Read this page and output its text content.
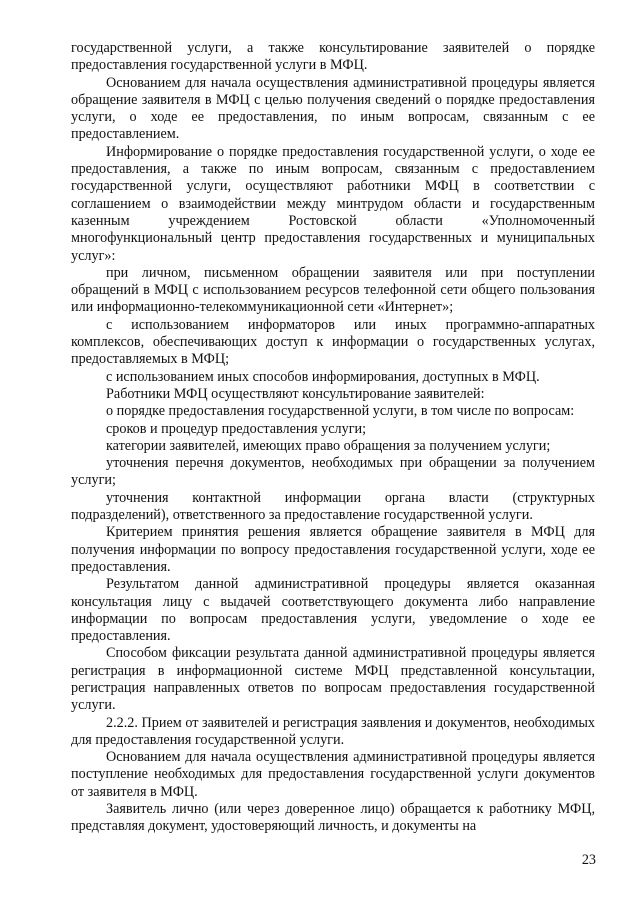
государственной услуги, а также консультирование заявителей о порядке предоставления государственной услуги в МФЦ.

Основанием для начала осуществления административной процедуры является обращение заявителя в МФЦ с целью получения сведений о порядке предоставления услуги, о ходе ее предоставления, по иным вопросам, связанным с ее предоставлением.

Информирование о порядке предоставления государственной услуги, о ходе ее предоставления, а также по иным вопросам, связанным с предоставлением государственной услуги, осуществляют работники МФЦ в соответствии с соглашением о взаимодействии между минтрудом области и государственным казенным учреждением Ростовской области «Уполномоченный многофункциональный центр предоставления государственных и муниципальных услуг»:

при личном, письменном обращении заявителя или при поступлении обращений в МФЦ с использованием ресурсов телефонной сети общего пользования или информационно-телекоммуникационной сети «Интернет»;

с использованием информаторов или иных программно-аппаратных комплексов, обеспечивающих доступ к информации о государственных услугах, предоставляемых в МФЦ;

с использованием иных способов информирования, доступных в МФЦ.

Работники МФЦ осуществляют консультирование заявителей:

о порядке предоставления государственной услуги, в том числе по вопросам:

сроков и процедур предоставления услуги;

категории заявителей, имеющих право обращения за получением услуги;

уточнения перечня документов, необходимых при обращении за получением услуги;

уточнения контактной информации органа власти (структурных подразделений), ответственного за предоставление государственной услуги.

Критерием принятия решения является обращение заявителя в МФЦ для получения информации по вопросу предоставления государственной услуги, ходе ее предоставления.

Результатом данной административной процедуры является оказанная консультация лицу с выдачей соответствующего документа либо направление информации по вопросам предоставления услуги, уведомление о ходе ее предоставления.

Способом фиксации результата данной административной процедуры является регистрация в информационной системе МФЦ представленной консультации, регистрация направленных ответов по вопросам предоставления государственной услуги.

2.2.2. Прием от заявителей и регистрация заявления и документов, необходимых для предоставления государственной услуги.

Основанием для начала осуществления административной процедуры является поступление необходимых для предоставления государственной услуги документов от заявителя в МФЦ.

Заявитель лично (или через доверенное лицо) обращается к работнику МФЦ, представляя документ, удостоверяющий личность, и документы на

23
